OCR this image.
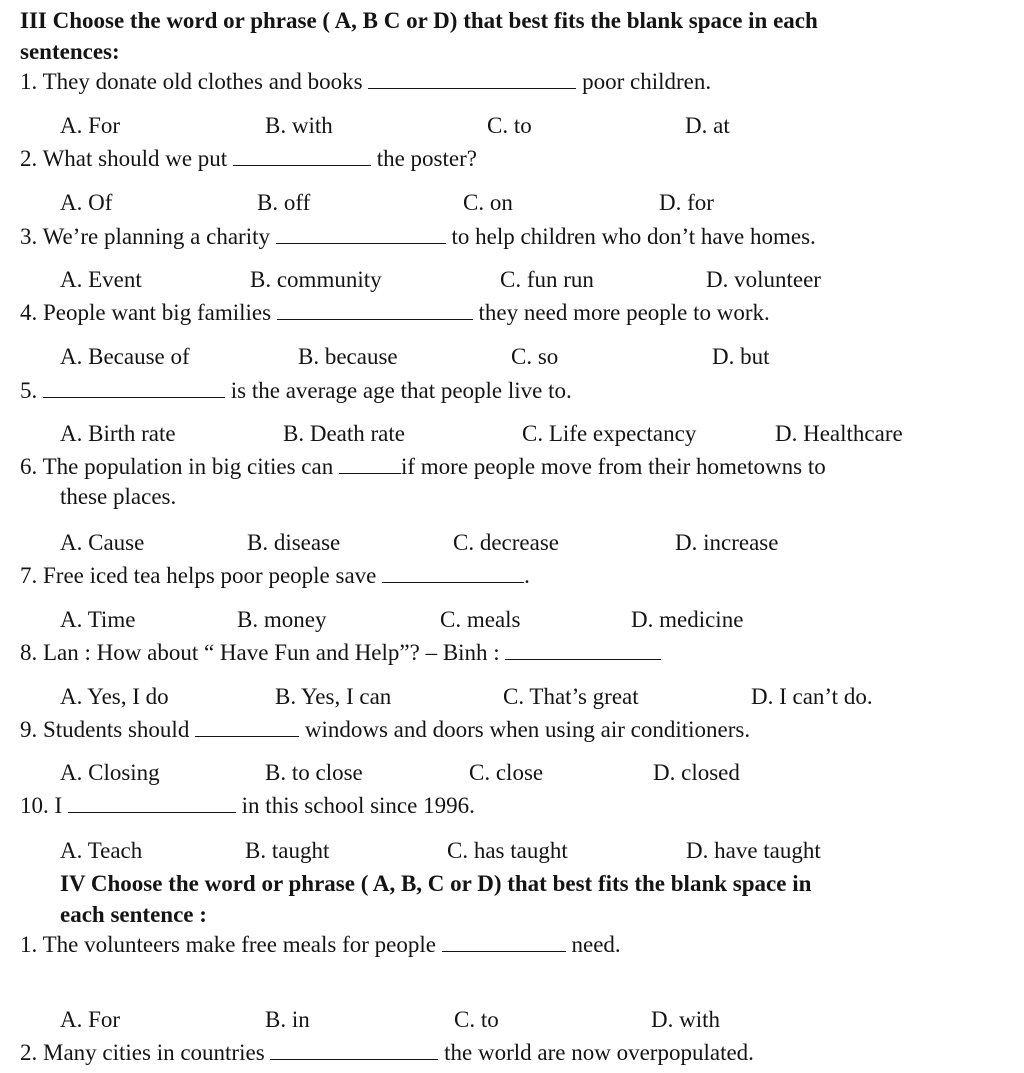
III Choose the word or phrase ( A, B C or D) that best fits the blank space in each
sentences:
1. They donate old clothes and books	poor children.
A. For	B. with	C. to	D. at
2. What should we put	the poster?
A. Of	B. off	C. on	D. for
3. We’re planning a charity	to help children who don’t have homes.
A. Event	B. community	C. fun run	D. volunteer
4. People want big families	they need more people to work.
A. Because of	B. because	C. so	D. but
5.	is the average age that people live to.
A. Birth rate	B. Death rate	C. Life expectancy	D. Healthcare
6. The population in big cities can	if more people move from their hometowns to
these places.
A. Cause	B. disease	C. decrease	D. increase
7. Free iced tea helps poor people save	.
A. Time	B. money	C. meals	D. medicine
8. Lan : How about “ Have Fun and Help”? – Binh :
A. Yes, I do	B. Yes, I can	C. That’s great	D. I can’t do.
9. Students should	windows and doors when using air conditioners.
A. Closing	B. to close	C. close	D. closed
10. I	in this school since 1996.
A. Teach	B. taught	C. has taught	D. have taught
IV Choose the word or phrase ( A, B, C or D) that best fits the blank space in
each sentence :
1. The volunteers make free meals for people	need.
A. For	B. in	C. to	D. with
2. Many cities in countries	the world are now overpopulated.
